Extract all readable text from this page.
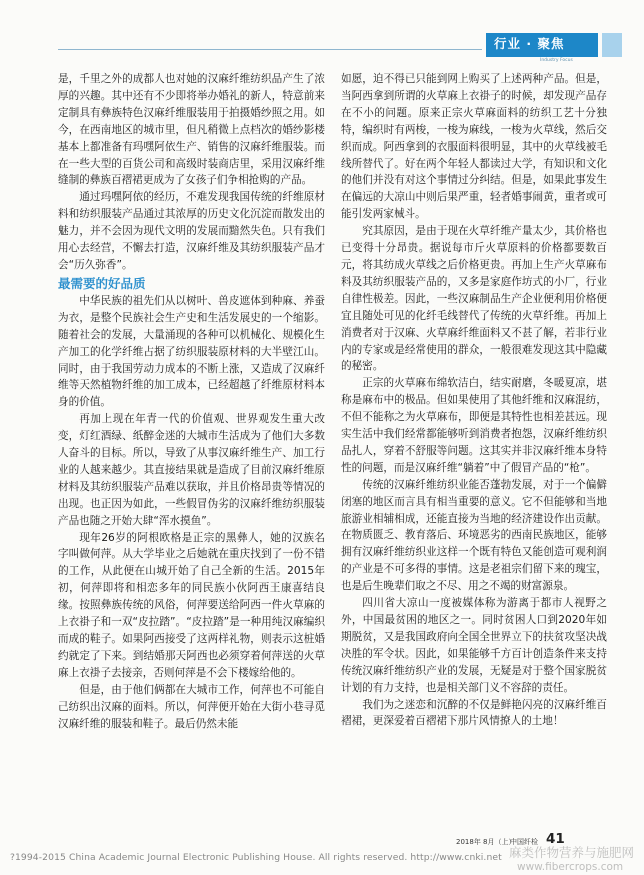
行业 · 聚焦
Industry Focus

是，千里之外的成都人也对她的汉麻纤维纺织品产生了浓厚的兴趣。其中还有不少即将举办婚礼的新人，特意前来定制具有彝族特色汉麻纤维服装用于拍摄婚纱照之用。如今，在西南地区的城市里，但凡稍微上点档次的婚纱影楼基本上都准备有玛嘿阿依生产、销售的汉麻纤维服装。而在一些大型的百货公司和高级时装商店里，采用汉麻纤维缝制的彝族百褶裙更成为了女孩子们争相抢购的产品。

通过玛嘿阿依的经历，不难发现我国传统的纤维原材料和纺织服装产品通过其浓厚的历史文化沉淀而散发出的魅力，并不会因为现代文明的发展而黯然失色。只有我们用心去经营，不懈去打造，汉麻纤维及其纺织服装产品才会“历久弥香”。

最需要的好品质

中华民族的祖先们从以树叶、兽皮遮体到种麻、养蚕为衣，是整个民族社会生产史和生活发展史的一个缩影。随着社会的发展，大量涌现的各种可以机械化、规模化生产加工的化学纤维占据了纺织服装原材料的大半壁江山。同时，由于我国劳动力成本的不断上涨，又造成了汉麻纤维等天然植物纤维的加工成本，已经超越了纤维原材料本身的价值。

再加上现在年青一代的价值观、世界观发生重大改变，灯红酒绿、纸醉金迷的大城市生活成为了他们大多数人奋斗的目标。所以，导致了从事汉麻纤维生产、加工行业的人越来越少。其直接结果就是造成了目前汉麻纤维原材料及其纺织服装产品难以获取，并且价格昂贵等情况的出现。也正因为如此，一些假冒伪劣的汉麻纤维纺织服装产品也随之开始大肆“浑水摸鱼”。

现年26岁的阿根欧格是正宗的黑彝人，她的汉族名字叫做何萍。从大学毕业之后她就在重庆找到了一份不错的工作，从此便在山城开始了自己全新的生活。2015年初，何萍即将和相恋多年的同民族小伙阿西王康喜结良缘。按照彝族传统的风俗，何萍要送给阿西一件火草麻的上衣褂子和一双“皮拉踏”。“皮拉踏”是一种用纯汉麻编织而成的鞋子。如果阿西接受了这两样礼物，则表示这桩婚约就定了下来。到结婚那天阿西也必须穿着何萍送的火草麻上衣褂子去接亲，否则何萍是不会下楼嫁给他的。

但是，由于他们俩都在大城市工作，何萍也不可能自己纺织出汉麻的面料。所以，何萍便开始在大街小巷寻觅汉麻纤维的服装和鞋子。最后仍然未能

如愿，迫不得已只能到网上购买了上述两种产品。但是，当阿西拿到所谓的火草麻上衣褂子的时候，却发现产品存在不小的问题。原来正宗火草麻面料的纺织工艺十分独特，编织时有两梭，一梭为麻线，一梭为火草线，然后交织而成。阿西拿到的衣服面料很明显，其中的火草线被毛线所替代了。好在两个年轻人都读过大学，有知识和文化的他们并没有对这个事情过分纠结。但是，如果此事发生在偏远的大凉山中则后果严重，轻者婚事闹黄，重者或可能引发两家械斗。

究其原因，是由于现在火草纤维产量太少，其价格也已变得十分昂贵。据说每市斤火草原料的价格都要数百元，将其纺成火草线之后价格更贵。再加上生产火草麻布料及其纺织服装产品的，又多是家庭作坊式的小厂，行业自律性极差。因此，一些汉麻制品生产企业便利用价格便宜且随处可见的化纤毛线替代了传统的火草纤维。再加上消费者对于汉麻、火草麻纤维面料又不甚了解，若非行业内的专家或是经常使用的群众，一般很难发现这其中隐藏的秘密。

正宗的火草麻布绵软洁白，结实耐磨，冬暖夏凉，堪称是麻布中的极品。但如果使用了其他纤维和汉麻混纺，不但不能称之为火草麻布，即便是其特性也相差甚远。现实生活中我们经常都能够听到消费者抱怨，汉麻纤维纺织品扎人，穿着不舒服等问题。这其实并非汉麻纤维本身特性的问题，而是汉麻纤维“躺着”中了假冒产品的“枪”。

传统的汉麻纤维纺织业能否蓬勃发展，对于一个偏僻闭塞的地区而言具有相当重要的意义。它不但能够和当地旅游业相辅相成，还能直接为当地的经济建设作出贡献。在物质匮乏、教育落后、环境恶劣的西南民族地区，能够拥有汉麻纤维纺织业这样一个既有特色又能创造可观利润的产业是不可多得的事情。这是老祖宗们留下来的瑰宝，也是后生晚辈们取之不尽、用之不竭的财富源泉。

四川省大凉山一度被媒体称为游离于都市人视野之外，中国最贫困的地区之一。同时贫困人口到2020年如期脱贫，又是我国政府向全国全世界立下的扶贫攻坚决战决胜的军令状。因此，如果能够千方百计创造条件来支持传统汉麻纤维纺织产业的发展，无疑是对于整个国家脱贫计划的有力支持，也是相关部门义不容辞的责任。

我们为之迷恋和沉醉的不仅是鲜艳闪亮的汉麻纤维百褶裙，更深爱着百褶裙下那片风情撩人的土地！

2018年 8月（上）
中国纤检 41
?1994-2015 China Academic Journal Electronic Publishing House. All rights reserved. http://www.cnki.net 麻类作物营养与施肥网
www.fibercrops.com
